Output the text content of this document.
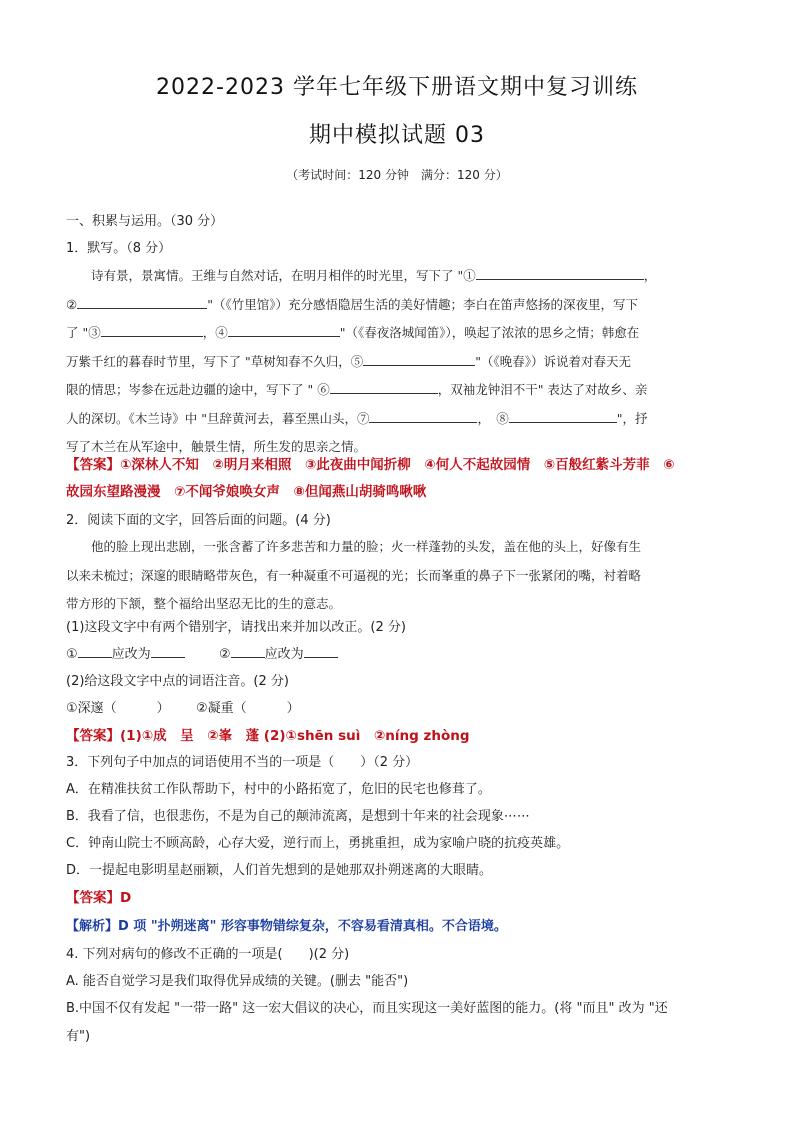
2022-2023 学年七年级下册语文期中复习训练
期中模拟试题 03
（考试时间：120 分钟　满分：120 分）
一、积累与运用。（30 分）
1．默写。（8 分）
诗有景，景寓情。王维与自然对话，在明月相伴的时光里，写下了 "①	，
②	"（《竹里馆》）充分感悟隐居生活的美好情趣；李白在笛声悠扬的深夜里，写下
了 "③	，④	"（《春夜洛城闻笛》），唤起了浓浓的思乡之情；韩愈在
万紫千红的暮春时节里，写下了 "草树知春不久归，⑤	"（《晚春》）诉说着对春天无
限的情思；岑参在远赴边疆的途中，写下了 " ⑥	，双袖龙钟泪不干" 表达了对故乡、亲
人的深切。《木兰诗》中 "旦辞黄河去，暮至黑山头，⑦	，　⑧	"，抒
写了木兰在从军途中，触景生情，所生发的思亲之情。
【答案】①深林人不知　②明月来相照　③此夜曲中闻折柳　④何人不起故园情　⑤百般红紫斗芳菲　⑥
故园东望路漫漫　⑦不闻爷娘唤女声　⑧但闻燕山胡骑鸣啾啾
2．阅读下面的文字，回答后面的问题。(4 分)
他的脸上现出悲剧，一张含蓄了许多悲苦和力量的脸；火一样蓬勃的头发，盖在他的头上，好像有生
以来未梳过；深邃的眼睛略带灰色，有一种凝重不可逼视的光；长而峯重的鼻子下一张紧闭的嘴，衬着略
带方形的下颔，整个福给出坚忍无比的生的意志。
(1)这段文字中有两个错别字，请找出来并加以改正。(2 分)
①	应改为	②	应改为
(2)给这段文字中点的词语注音。(2 分)
①深邃（	） ②凝重（	）
【答案】(1)①成　呈　②峯　蓬 (2)①shēn suì　②níng zhòng
3．下列句子中加点的词语使用不当的一项是（　　）（2 分）
A．在精准扶贫工作队帮助下，村中的小路拓宽了，危旧的民宅也修葺了。
B．我看了信，也很悲伤，不是为自己的颠沛流离，是想到十年来的社会现象⋯⋯
C．钟南山院士不顾高龄，心存大爱，逆行而上，勇挑重担，成为家喻户晓的抗疫英雄。
D．一提起电影明星赵丽颖，人们首先想到的是她那双扑朔迷离的大眼睛。
【答案】D
【解析】D 项 "扑朔迷离" 形容事物错综复杂，不容易看清真相。不合语境。
4. 下列对病句的修改不正确的一项是(　　)(2 分)
A. 能否自觉学习是我们取得优异成绩的关键。(删去 "能否")
B.中国不仅有发起 "一带一路" 这一宏大倡议的决心，而且实现这一美好蓝图的能力。(将 "而且" 改为 "还
有")
